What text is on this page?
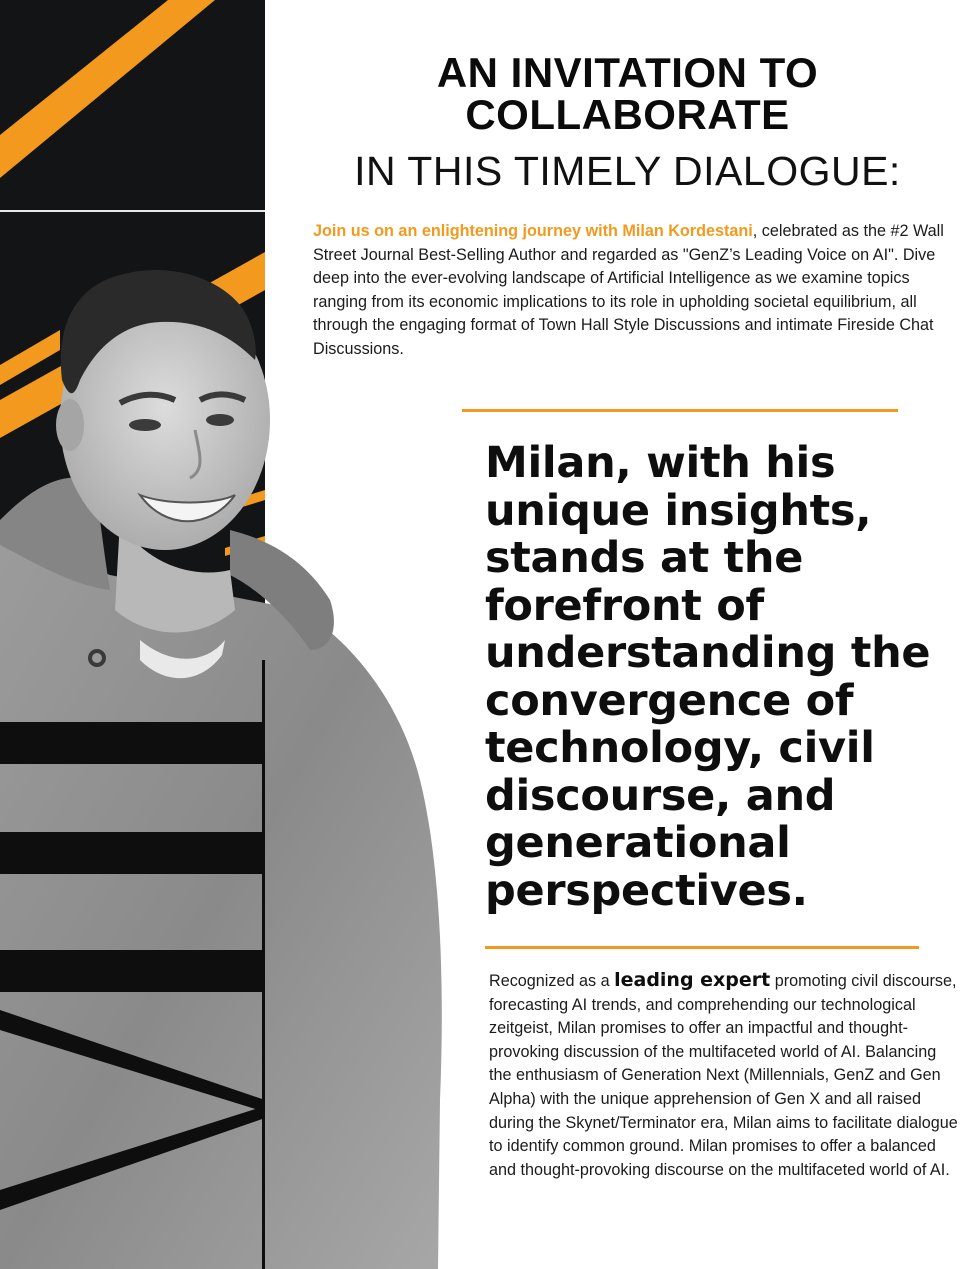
AN INVITATION TO
COLLABORATE
IN THIS TIMELY DIALOGUE:
Join us on an enlightening journey with Milan Kordestani, celebrated as the #2 Wall Street Journal Best-Selling Author and regarded as "GenZ’s Leading Voice on AI". Dive deep into the ever-evolving landscape of Artificial Intelligence as we examine topics ranging from its economic implications to its role in upholding societal equilibrium, all through the engaging format of Town Hall Style Discussions and intimate Fireside Chat Discussions.
Milan, with his unique insights, stands at the forefront of understanding the convergence of technology, civil discourse, and generational perspectives.
Recognized as a leading expert promoting civil discourse, forecasting AI trends, and comprehending our technological zeitgeist, Milan promises to offer an impactful and thought-provoking discussion of the multifaceted world of AI. Balancing the enthusiasm of Generation Next (Millennials, GenZ and Gen Alpha) with the unique apprehension of Gen X and all raised during the Skynet/Terminator era, Milan aims to facilitate dialogue to identify common ground. Milan promises to offer a balanced and thought-provoking discourse on the multifaceted world of AI.
